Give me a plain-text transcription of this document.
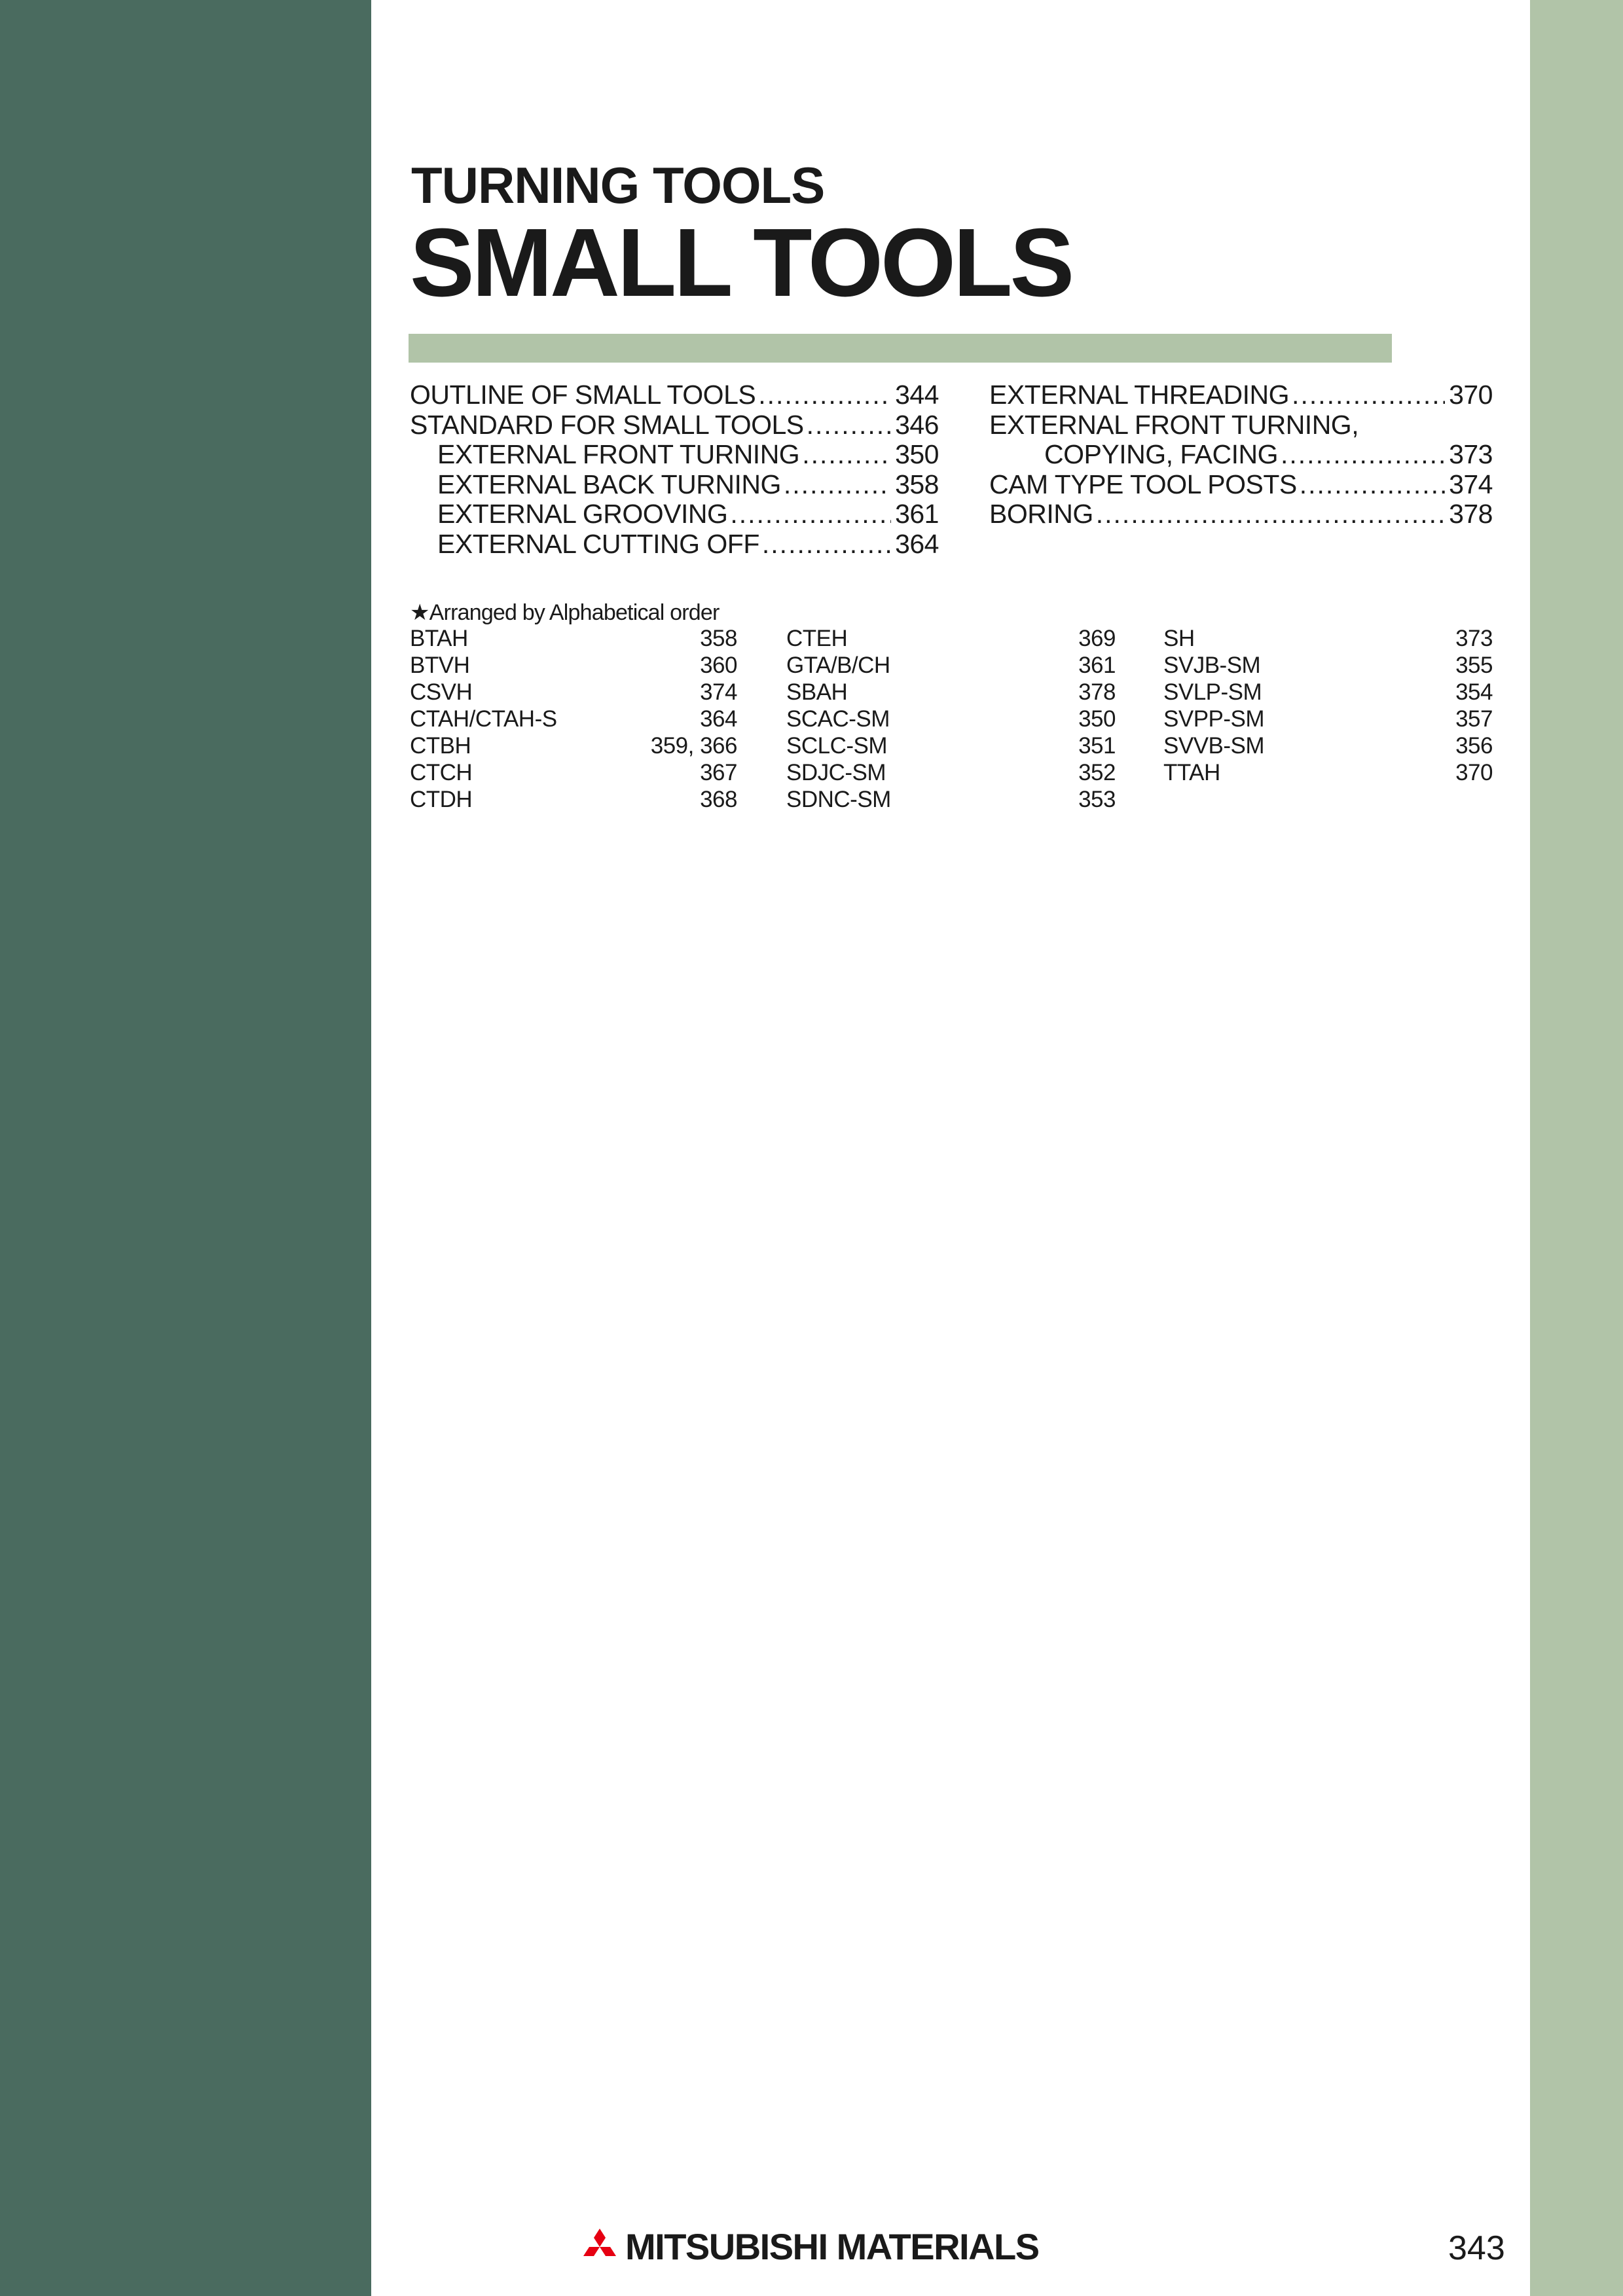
TURNING TOOLS
SMALL TOOLS
OUTLINE OF SMALL TOOLS .....	344
STANDARD FOR SMALL TOOLS .....	346
EXTERNAL FRONT TURNING .....	350
EXTERNAL BACK TURNING .....	358
EXTERNAL GROOVING .....	361
EXTERNAL CUTTING OFF .....	364
EXTERNAL THREADING .....	370
EXTERNAL FRONT TURNING,
COPYING, FACING .....	373
CAM TYPE TOOL POSTS .....	374
BORING .....	378
★Arranged by Alphabetical order
BTAH	358
BTVH	360
CSVH	374
CTAH/CTAH-S	364
CTBH	359, 366
CTCH	367
CTDH	368
CTEH	369
GTA/B/CH	361
SBAH	378
SCAC-SM	350
SCLC-SM	351
SDJC-SM	352
SDNC-SM	353
SH	373
SVJB-SM	355
SVLP-SM	354
SVPP-SM	357
SVVB-SM	356
TTAH	370
MITSUBISHI MATERIALS	343
